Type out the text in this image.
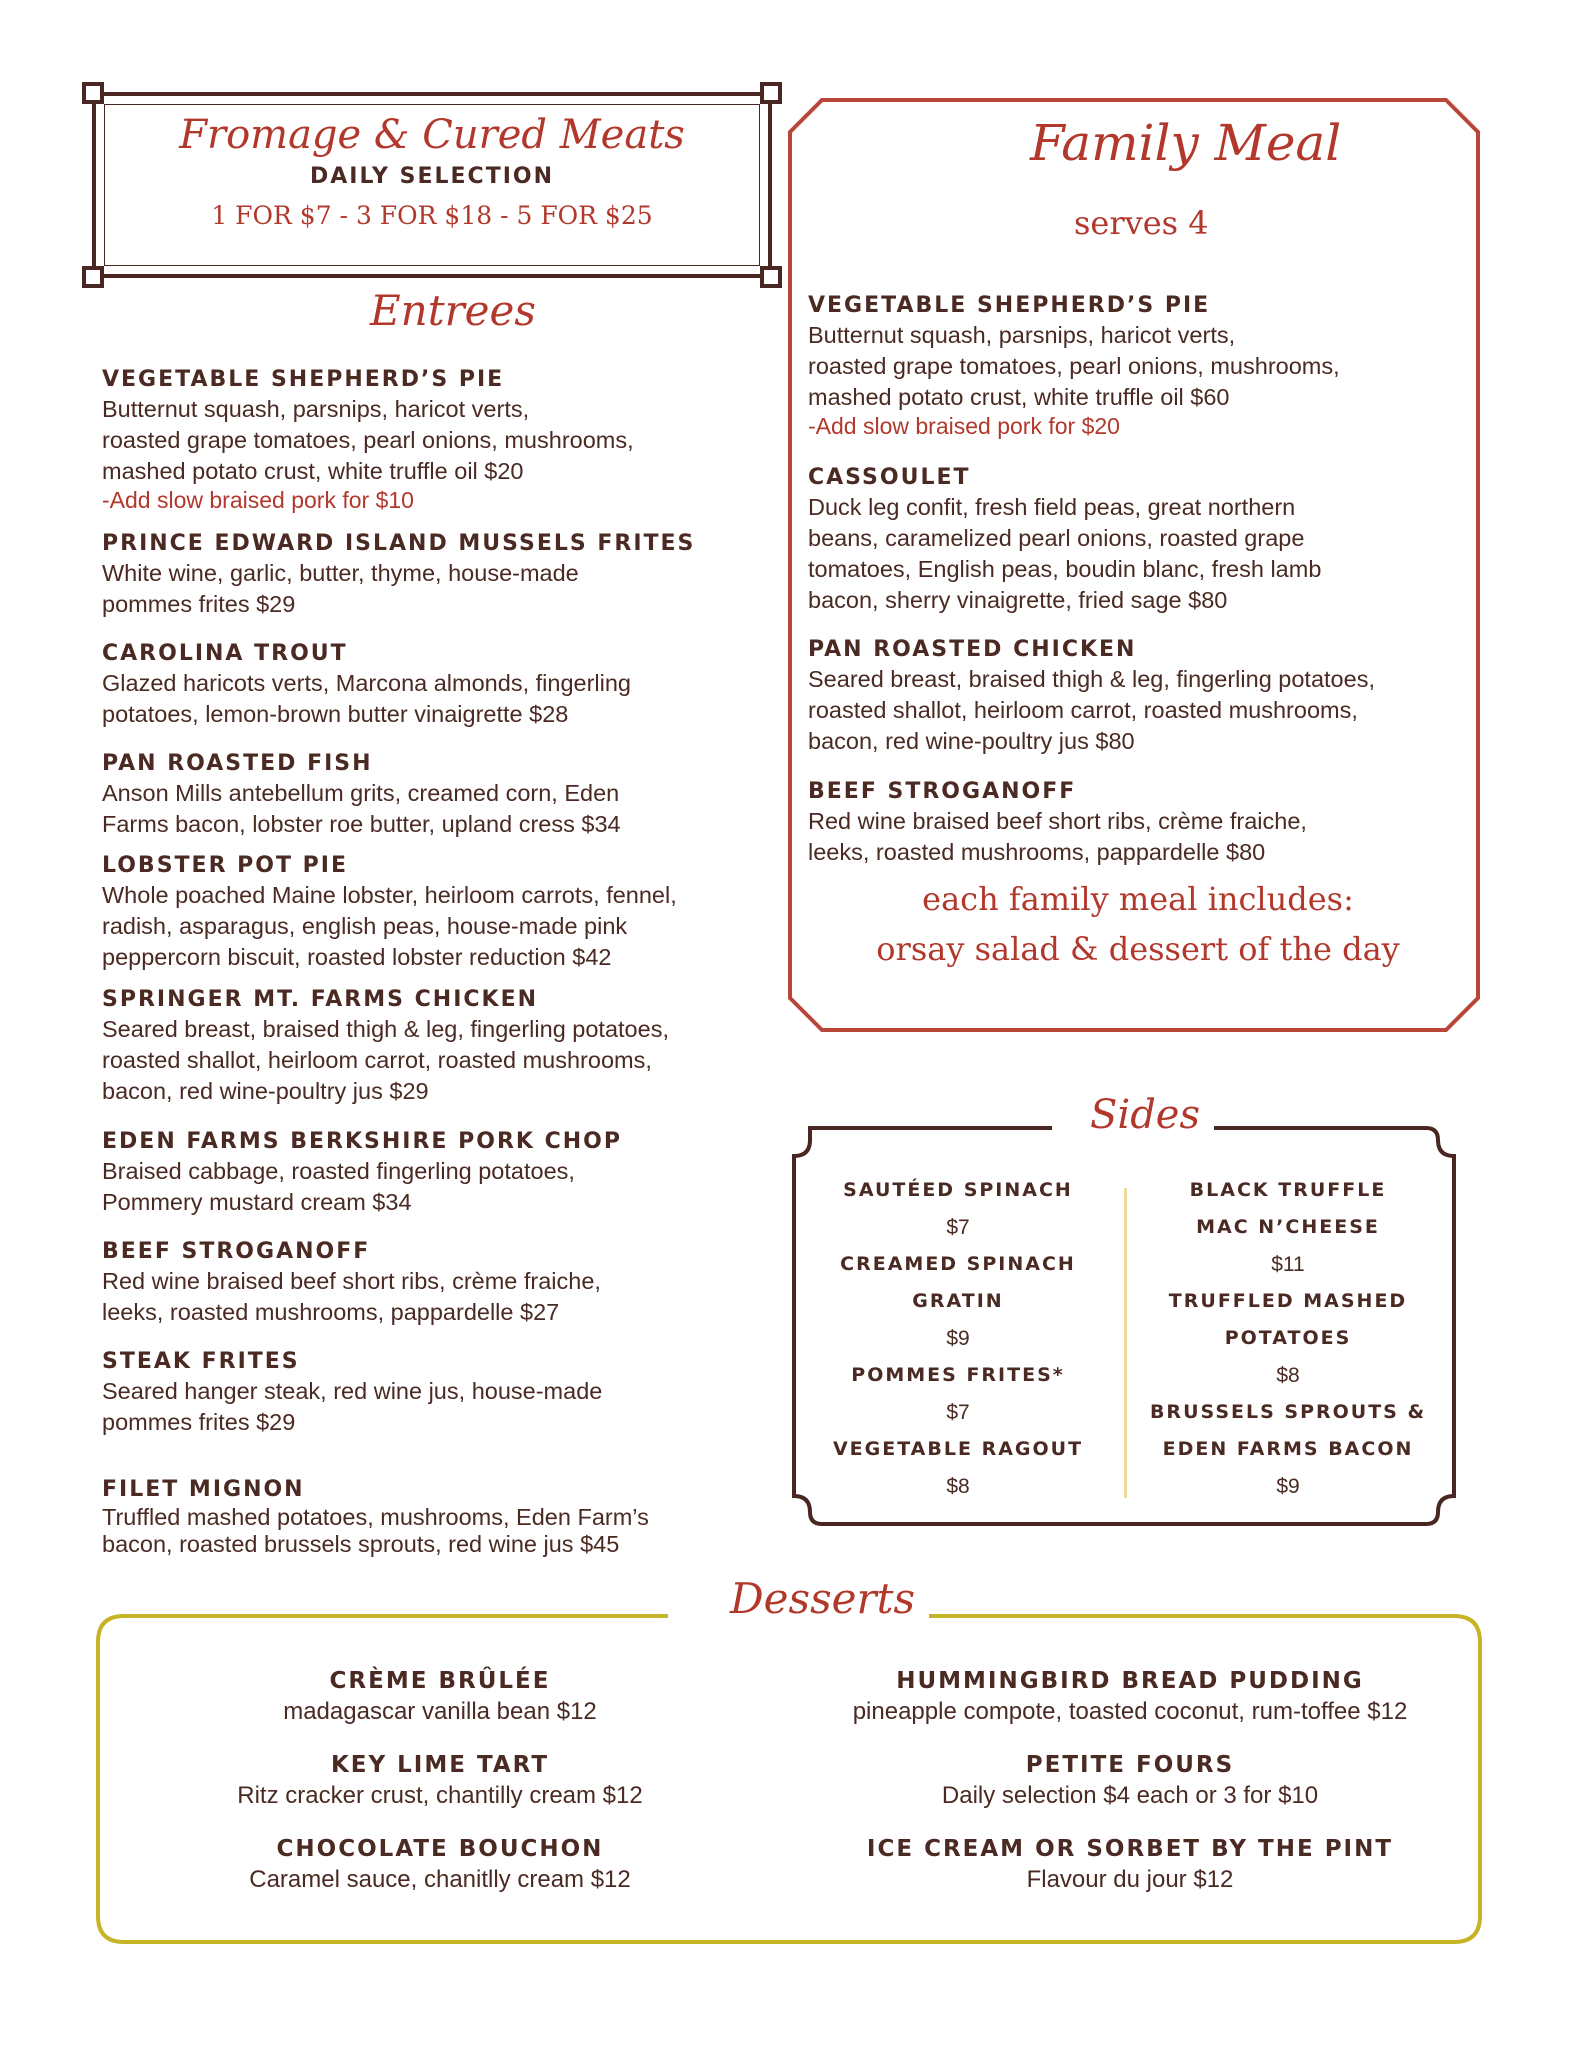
Fromage & Cured Meats
DAILY SELECTION
1 FOR $7 - 3 FOR $18 - 5 FOR $25
Entrees
VEGETABLE SHEPHERD’S PIE
Butternut squash, parsnips, haricot verts,
roasted grape tomatoes, pearl onions, mushrooms,
mashed potato crust, white truffle oil $20
-Add slow braised pork for $10
PRINCE EDWARD ISLAND MUSSELS FRITES
White wine, garlic, butter, thyme, house-made
pommes frites $29
CAROLINA TROUT
Glazed haricots verts, Marcona almonds, fingerling
potatoes, lemon-brown butter vinaigrette $28
PAN ROASTED FISH
Anson Mills antebellum grits, creamed corn, Eden
Farms bacon, lobster roe butter, upland cress $34
LOBSTER POT PIE
Whole poached Maine lobster, heirloom carrots, fennel,
radish, asparagus, english peas, house-made pink
peppercorn biscuit, roasted lobster reduction $42
SPRINGER MT. FARMS CHICKEN
Seared breast, braised thigh & leg, fingerling potatoes,
roasted shallot, heirloom carrot, roasted mushrooms,
bacon, red wine-poultry jus $29
EDEN FARMS BERKSHIRE PORK CHOP
Braised cabbage, roasted fingerling potatoes,
Pommery mustard cream $34
BEEF STROGANOFF
Red wine braised beef short ribs, crème fraiche,
leeks, roasted mushrooms, pappardelle $27
STEAK FRITES
Seared hanger steak, red wine jus, house-made
pommes frites $29
FILET MIGNON
Truffled mashed potatoes, mushrooms, Eden Farm’s
bacon, roasted brussels sprouts, red wine jus $45
Family Meal
serves 4
VEGETABLE SHEPHERD’S PIE
Butternut squash, parsnips, haricot verts,
roasted grape tomatoes, pearl onions, mushrooms,
mashed potato crust, white truffle oil $60
-Add slow braised pork for $20
CASSOULET
Duck leg confit, fresh field peas, great northern
beans, caramelized pearl onions, roasted grape
tomatoes, English peas, boudin blanc, fresh lamb
bacon, sherry vinaigrette, fried sage $80
PAN ROASTED CHICKEN
Seared breast, braised thigh & leg, fingerling potatoes,
roasted shallot, heirloom carrot, roasted mushrooms,
bacon, red wine-poultry jus $80
BEEF STROGANOFF
Red wine braised beef short ribs, crème fraiche,
leeks, roasted mushrooms, pappardelle $80
each family meal includes:
orsay salad & dessert of the day
Sides
SAUTÉED SPINACH
$7
CREAMED SPINACH
GRATIN
$9
POMMES FRITES*
$7
VEGETABLE RAGOUT
$8
BLACK TRUFFLE
MAC N’CHEESE
$11
TRUFFLED MASHED
POTATOES
$8
BRUSSELS SPROUTS &
EDEN FARMS BACON
$9
Desserts
CRÈME BRÛLÉE
madagascar vanilla bean $12
KEY LIME TART
Ritz cracker crust, chantilly cream $12
CHOCOLATE BOUCHON
Caramel sauce, chanitlly cream $12
HUMMINGBIRD BREAD PUDDING
pineapple compote, toasted coconut, rum-toffee $12
PETITE FOURS
Daily selection $4 each or 3 for $10
ICE CREAM OR SORBET BY THE PINT
Flavour du jour $12
